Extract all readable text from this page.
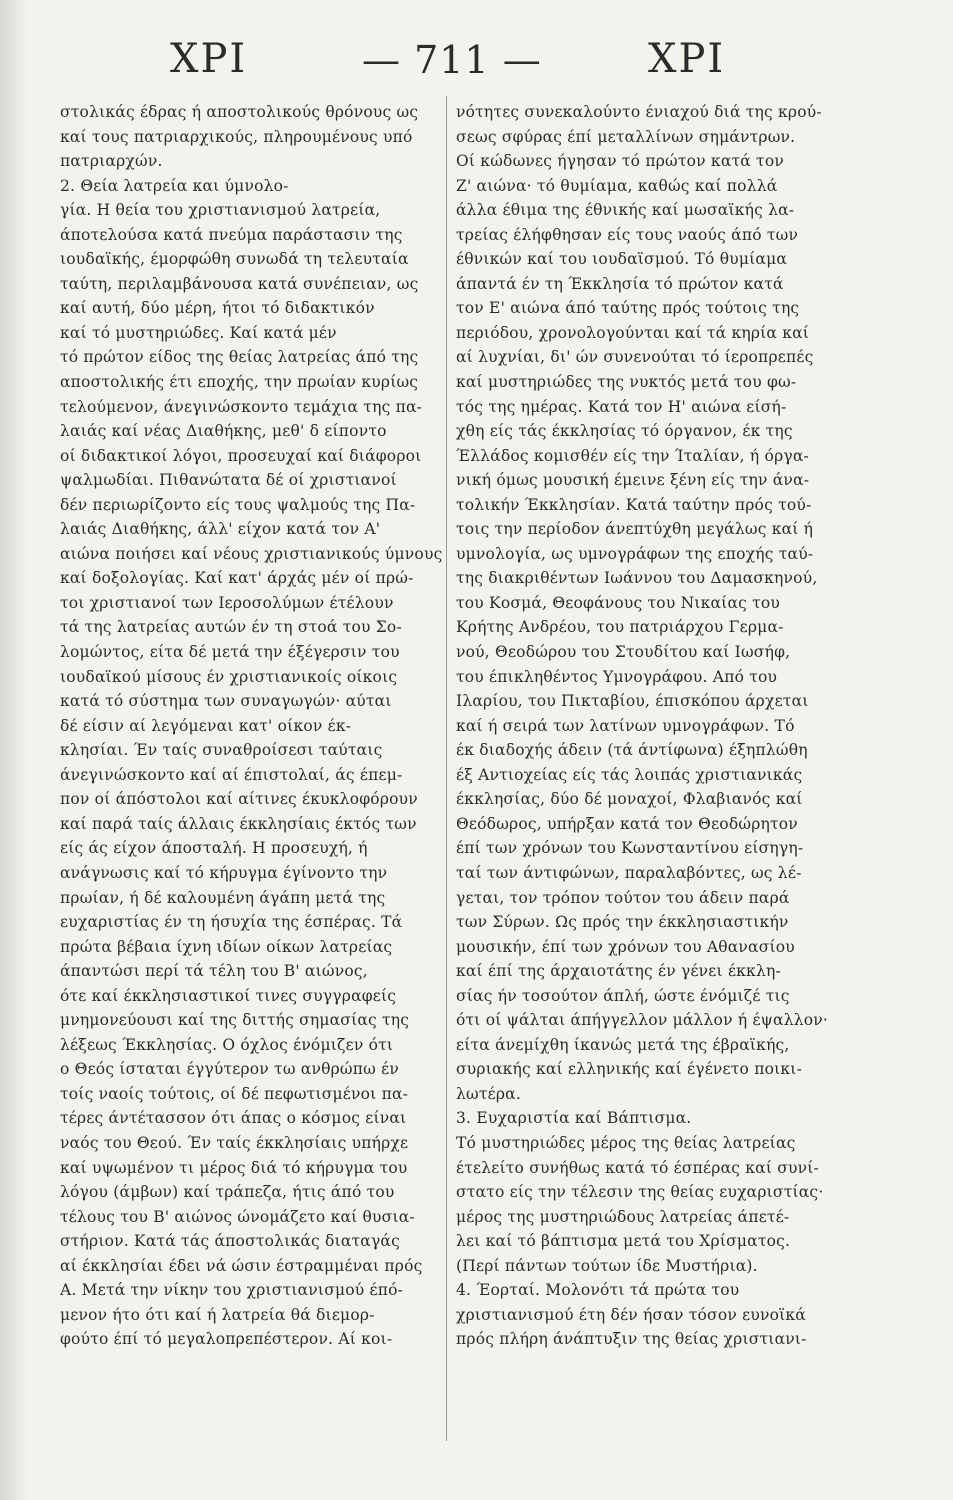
ΧΡΙ	— 711 —	ΧΡΙ
στολικάς έδρας ή αποστολικούς θρόνους ως
καί τους πατριαρχικούς, πληρουμένους υπό
πατριαρχών.
2. Θεία λατρεία και ύμνολο-
γία. Η θεία του χριστιανισμού λατρεία,
άποτελούσα κατά πνεύμα παράστασιν της
ιουδαϊκής, έμορφώθη συνωδά τη τελευταία
ταύτη, περιλαμβάνουσα κατά συνέπειαν, ως
καί αυτή, δύο μέρη, ήτοι τό διδακτικόν
καί τό μυστηριώδες. Καί κατά μέν
τό πρώτον είδος της θείας λατρείας άπό της
αποστολικής έτι εποχής, την πρωίαν κυρίως
τελούμενον, άνεγινώσκοντο τεμάχια της πα-
λαιάς καί νέας Διαθήκης, μεθ' δ είποντο
οί διδακτικοί λόγοι, προσευχαί καί διάφοροι
ψαλμωδίαι. Πιθανώτατα δέ οί χριστιανοί
δέν περιωρίζοντο είς τους ψαλμούς της Πα-
λαιάς Διαθήκης, άλλ' είχον κατά τον Α'
αιώνα ποιήσει καί νέους χριστιανικούς ύμνους
καί δοξολογίας. Καί κατ' άρχάς μέν οί πρώ-
τοι χριστιανοί των Ιεροσολύμων έτέλουν
τά της λατρείας αυτών έν τη στοά του Σο-
λομώντος, είτα δέ μετά την έξέγερσιν του
ιουδαϊκού μίσους έν χριστιανικοίς οίκοις
κατά τό σύστημα των συναγωγών· αύται
δέ είσιν αί λεγόμεναι κατ' οίκον έκ-
κλησίαι. Έν ταίς συναθροίσεσι ταύταις
άνεγινώσκοντο καί αί έπιστολαί, άς έπεμ-
πον οί άπόστολοι καί αίτινες έκυκλοφόρουν
καί παρά ταίς άλλαις έκκλησίαις έκτός των
είς άς είχον άποσταλή. Η προσευχή, ή
ανάγνωσις καί τό κήρυγμα έγίνοντο την
πρωίαν, ή δέ καλουμένη άγάπη μετά της
ευχαριστίας έν τη ήσυχία της έσπέρας. Τά
πρώτα βέβαια ίχνη ιδίων οίκων λατρείας
άπαντώσι περί τά τέλη του Β' αιώνος,
ότε καί έκκλησιαστικοί τινες συγγραφείς
μνημονεύουσι καί της διττής σημασίας της
λέξεως Έκκλησίας. Ο όχλος ένόμιζεν ότι
ο Θεός ίσταται έγγύτερον τω ανθρώπω έν
τοίς ναοίς τούτοις, οί δέ πεφωτισμένοι πα-
τέρες άντέτασσον ότι άπας ο κόσμος είναι
ναός του Θεού. Έν ταίς έκκλησίαις υπήρχε
καί υψωμένον τι μέρος διά τό κήρυγμα του
λόγου (άμβων) καί τράπεζα, ήτις άπό του
τέλους του Β' αιώνος ώνομάζετο καί θυσια-
στήριον. Κατά τάς άποστολικάς διαταγάς
αί έκκλησίαι έδει νά ώσιν έστραμμέναι πρός
Α. Μετά την νίκην του χριστιανισμού έπό-
μενον ήτο ότι καί ή λατρεία θά διεμορ-
φούτο έπί τό μεγαλοπρεπέστερον. Αί κοι-
νότητες συνεκαλούντο ένιαχού διά της κρού-
σεως σφύρας έπί μεταλλίνων σημάντρων.
Οί κώδωνες ήγησαν τό πρώτον κατά τον
Ζ' αιώνα· τό θυμίαμα, καθώς καί πολλά
άλλα έθιμα της έθνικής καί μωσαϊκής λα-
τρείας έλήφθησαν είς τους ναούς άπό των
έθνικών καί του ιουδαϊσμού. Τό θυμίαμα
άπαντά έν τη Έκκλησία τό πρώτον κατά
τον Ε' αιώνα άπό ταύτης πρός τούτοις της
περιόδου, χρονολογούνται καί τά κηρία καί
αί λυχνίαι, δι' ών συνενούται τό ίεροπρεπές
καί μυστηριώδες της νυκτός μετά του φω-
τός της ημέρας. Κατά τον Η' αιώνα είσή-
χθη είς τάς έκκλησίας τό όργανον, έκ της
Έλλάδος κομισθέν είς την Ίταλίαν, ή όργα-
νική όμως μουσική έμεινε ξένη είς την άνα-
τολικήν Έκκλησίαν. Κατά ταύτην πρός τού-
τοις την περίοδον άνεπτύχθη μεγάλως καί ή
υμνολογία, ως υμνογράφων της εποχής ταύ-
της διακριθέντων Ιωάννου του Δαμασκηνού,
του Κοσμά, Θεοφάνους του Νικαίας του
Κρήτης Ανδρέου, του πατριάρχου Γερμα-
νού, Θεοδώρου του Στουδίτου καί Ιωσήφ,
του έπικληθέντος Υμνογράφου. Από του
Ιλαρίου, του Πικταβίου, έπισκόπου άρχεται
καί ή σειρά των λατίνων υμνογράφων. Τό
έκ διαδοχής άδειν (τά άντίφωνα) έξηπλώθη
έξ Αντιοχείας είς τάς λοιπάς χριστιανικάς
έκκλησίας, δύο δέ μοναχοί, Φλαβιανός καί
Θεόδωρος, υπήρξαν κατά τον Θεοδώρητον
έπί των χρόνων του Κωνσταντίνου είσηγη-
ταί των άντιφώνων, παραλαβόντες, ως λέ-
γεται, τον τρόπον τούτον του άδειν παρά
των Σύρων. Ως πρός την έκκλησιαστικήν
μουσικήν, έπί των χρόνων του Αθανασίου
καί έπί της άρχαιοτάτης έν γένει έκκλη-
σίας ήν τοσούτον άπλή, ώστε ένόμιζέ τις
ότι οί ψάλται άπήγγελλον μάλλον ή έψαλλον·
είτα άνεμίχθη ίκανώς μετά της έβραϊκής,
συριακής καί ελληνικής καί έγένετο ποικι-
λωτέρα.
3. Ευχαριστία καί Βάπτισμα.
Τό μυστηριώδες μέρος της θείας λατρείας
έτελείτο συνήθως κατά τό έσπέρας καί συνί-
στατο είς την τέλεσιν της θείας ευχαριστίας·
μέρος της μυστηριώδους λατρείας άπετέ-
λει καί τό βάπτισμα μετά του Χρίσματος.
(Περί πάντων τούτων ίδε Μυστήρια).
4. Έορταί. Μολονότι τά πρώτα του
χριστιανισμού έτη δέν ήσαν τόσον ευνοϊκά
πρός πλήρη άνάπτυξιν της θείας χριστιανι-
